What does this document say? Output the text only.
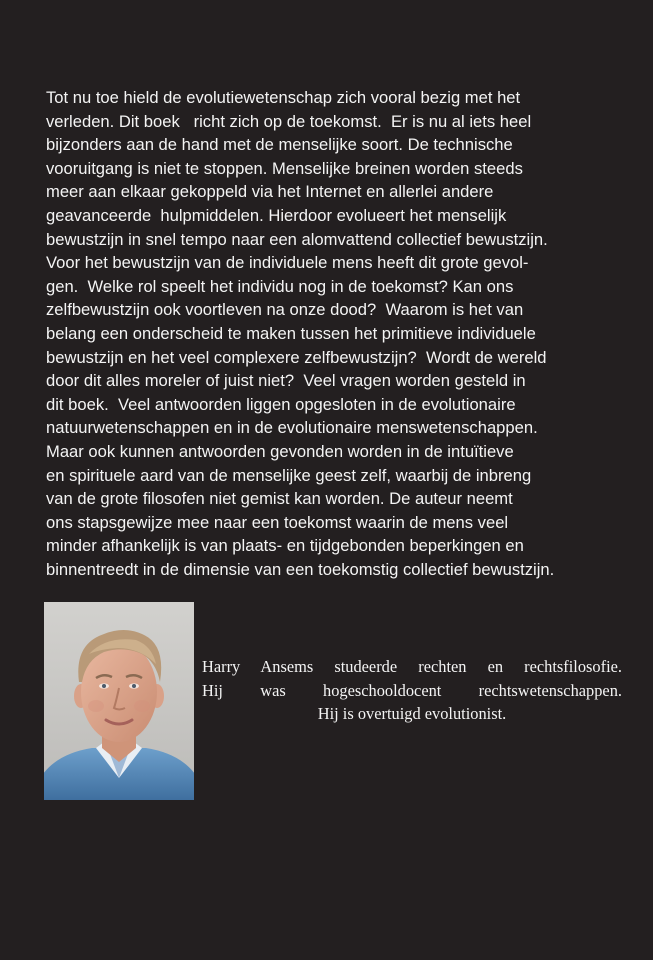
Tot nu toe hield de evolutiewetenschap zich vooral bezig met het
verleden. Dit boek   richt zich op de toekomst.  Er is nu al iets heel
bijzonders aan de hand met de menselijke soort. De technische
vooruitgang is niet te stoppen. Menselijke breinen worden steeds
meer aan elkaar gekoppeld via het Internet en allerlei andere
geavanceerde  hulpmiddelen. Hierdoor evolueert het menselijk
bewustzijn in snel tempo naar een alomvattend collectief bewustzijn.
Voor het bewustzijn van de individuele mens heeft dit grote gevol-
gen.  Welke rol speelt het individu nog in de toekomst? Kan ons
zelfbewustzijn ook voortleven na onze dood?  Waarom is het van
belang een onderscheid te maken tussen het primitieve individuele
bewustzijn en het veel complexere zelfbewustzijn?  Wordt de wereld
door dit alles moreler of juist niet?  Veel vragen worden gesteld in
dit boek.  Veel antwoorden liggen opgesloten in de evolutionaire
natuurwetenschappen en in de evolutionaire menswetenschappen.
Maar ook kunnen antwoorden gevonden worden in de intuïtieve
en spirituele aard van de menselijke geest zelf, waarbij de inbreng
van de grote filosofen niet gemist kan worden. De auteur neemt
ons stapsgewijze mee naar een toekomst waarin de mens veel
minder afhankelijk is van plaats- en tijdgebonden beperkingen en
binnentreedt in de dimensie van een toekomstig collectief bewustzijn.
Harry Ansems studeerde rechten en rechtsfilosofie.
Hij  was  hogeschooldocent  rechtswetenschappen.
Hij is overtuigd evolutionist.
